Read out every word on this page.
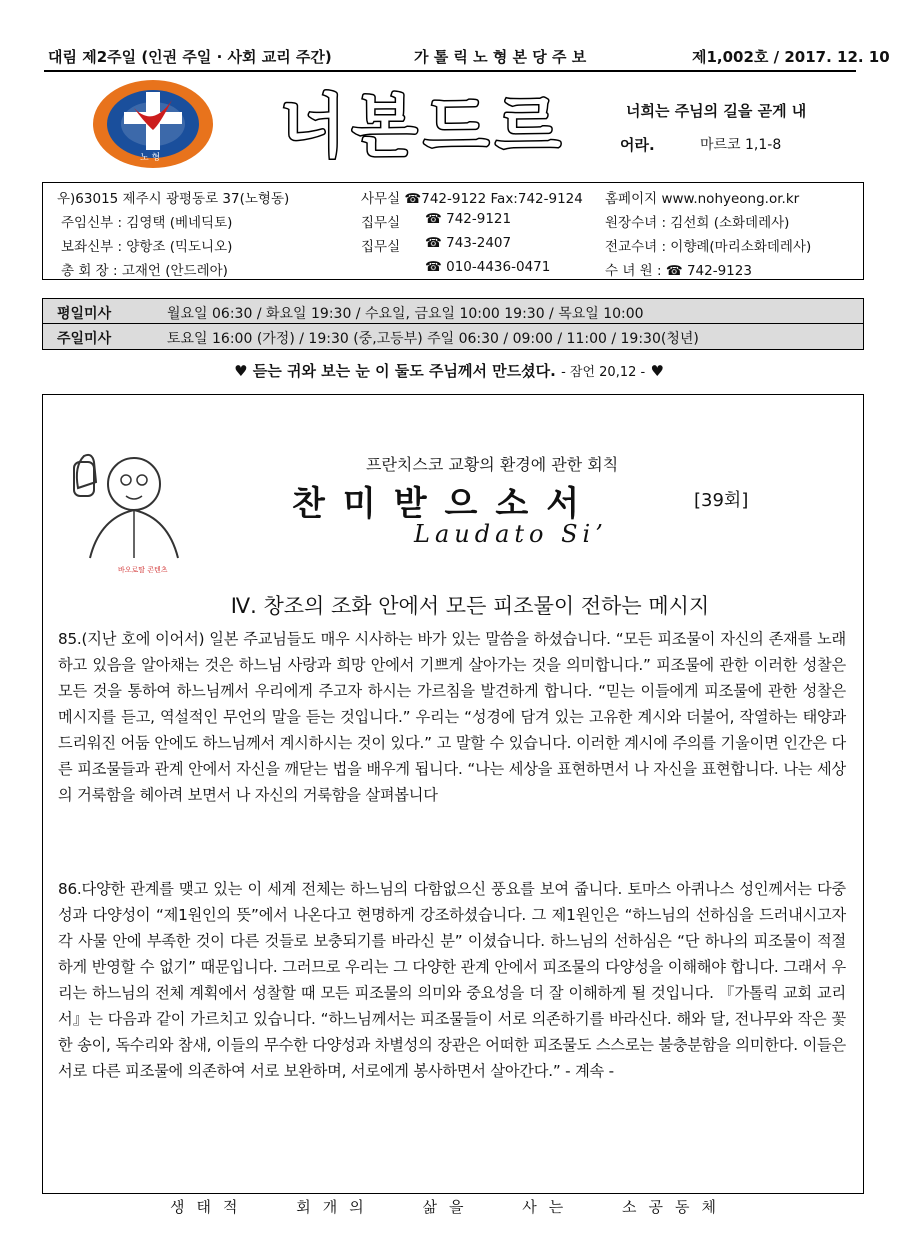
대림 제2주일 (인권 주일 · 사회 교리 주간)	가 톨 릭 노 형 본 당 주 보	제1,002호 / 2017. 12. 10
노 형 너본드르	너희는 주님의 길을 곧게 내
어라.	마르코 1,1-8
우)63015 제주시 광평동로 37(노형동)	사무실 ☎742-9122 Fax:742-9124 홈페이지 www.nohyeong.or.kr
주임신부 : 김영택 (베네딕토)	집무실 ☎ 742-9121	원장수녀 : 김선희 (소화데레사)
보좌신부 : 양항조 (믹도니오)	집무실 ☎ 743-2407	전교수녀 : 이향례(마리소화데레사)
총 회 장 : 고재언 (안드레아)	☎ 010-4436-0471	수 녀 원 : ☎ 742-9123
평일미사	월요일 06:30 / 화요일 19:30 / 수요일, 금요일 10:00 19:30 / 목요일 10:00
주일미사	토요일 16:00 (가정) / 19:30 (중,고등부) 주일 06:30 / 09:00 / 11:00 / 19:30(청년)
♥ 듣는 귀와 보는 눈 이 둘도 주님께서 만드셨다. - 잠언 20,12 - ♥
바오로딸 콘텐츠
프란치스코 교황의 환경에 관한 회칙
찬미받으소서	[39회]
Laudato Si’
Ⅳ. 창조의 조화 안에서 모든 피조물이 전하는 메시지
85.(지난 호에 이어서) 일본 주교님들도 매우 시사하는 바가 있는 말씀을 하셨습니다. “모든 피조물이 자신의 존재를 노래하고 있음을 알아채는 것은 하느님 사랑과 희망 안에서 기쁘게 살아가는 것을 의미합니다.” 피조물에 관한 이러한 성찰은 모든 것을 통하여 하느님께서 우리에게 주고자 하시는 가르침을 발견하게 합니다. “믿는 이들에게 피조물에 관한 성찰은 메시지를 듣고, 역설적인 무언의 말을 듣는 것입니다.” 우리는 “성경에 담겨 있는 고유한 계시와 더불어, 작열하는 태양과 드리워진 어둠 안에도 하느님께서 계시하시는 것이 있다.” 고 말할 수 있습니다. 이러한 계시에 주의를 기울이면 인간은 다른 피조물들과 관계 안에서 자신을 깨닫는 법을 배우게 됩니다. “나는 세상을 표현하면서 나 자신을 표현합니다. 나는 세상의 거룩함을 헤아려 보면서 나 자신의 거룩함을 살펴봅니다
86.다양한 관계를 맺고 있는 이 세계 전체는 하느님의 다함없으신 풍요를 보여 줍니다. 토마스 아퀴나스 성인께서는 다중성과 다양성이 “제1원인의 뜻”에서 나온다고 현명하게 강조하셨습니다. 그 제1원인은 “하느님의 선하심을 드러내시고자 각 사물 안에 부족한 것이 다른 것들로 보충되기를 바라신 분” 이셨습니다. 하느님의 선하심은 “단 하나의 피조물이 적절하게 반영할 수 없기” 때문입니다. 그러므로 우리는 그 다양한 관계 안에서 피조물의 다양성을 이해해야 합니다. 그래서 우리는 하느님의 전체 계획에서 성찰할 때 모든 피조물의 의미와 중요성을 더 잘 이해하게 될 것입니다. 『가톨릭 교회 교리서』는 다음과 같이 가르치고 있습니다. “하느님께서는 피조물들이 서로 의존하기를 바라신다. 해와 달, 전나무와 작은 꽃 한 송이, 독수리와 참새, 이들의 무수한 다양성과 차별성의 장관은 어떠한 피조물도 스스로는 불충분함을 의미한다. 이들은 서로 다른 피조물에 의존하여 서로 보완하며, 서로에게 봉사하면서 살아간다.” - 계속 -
생태적 회개의 삶을 사는 소공동체
